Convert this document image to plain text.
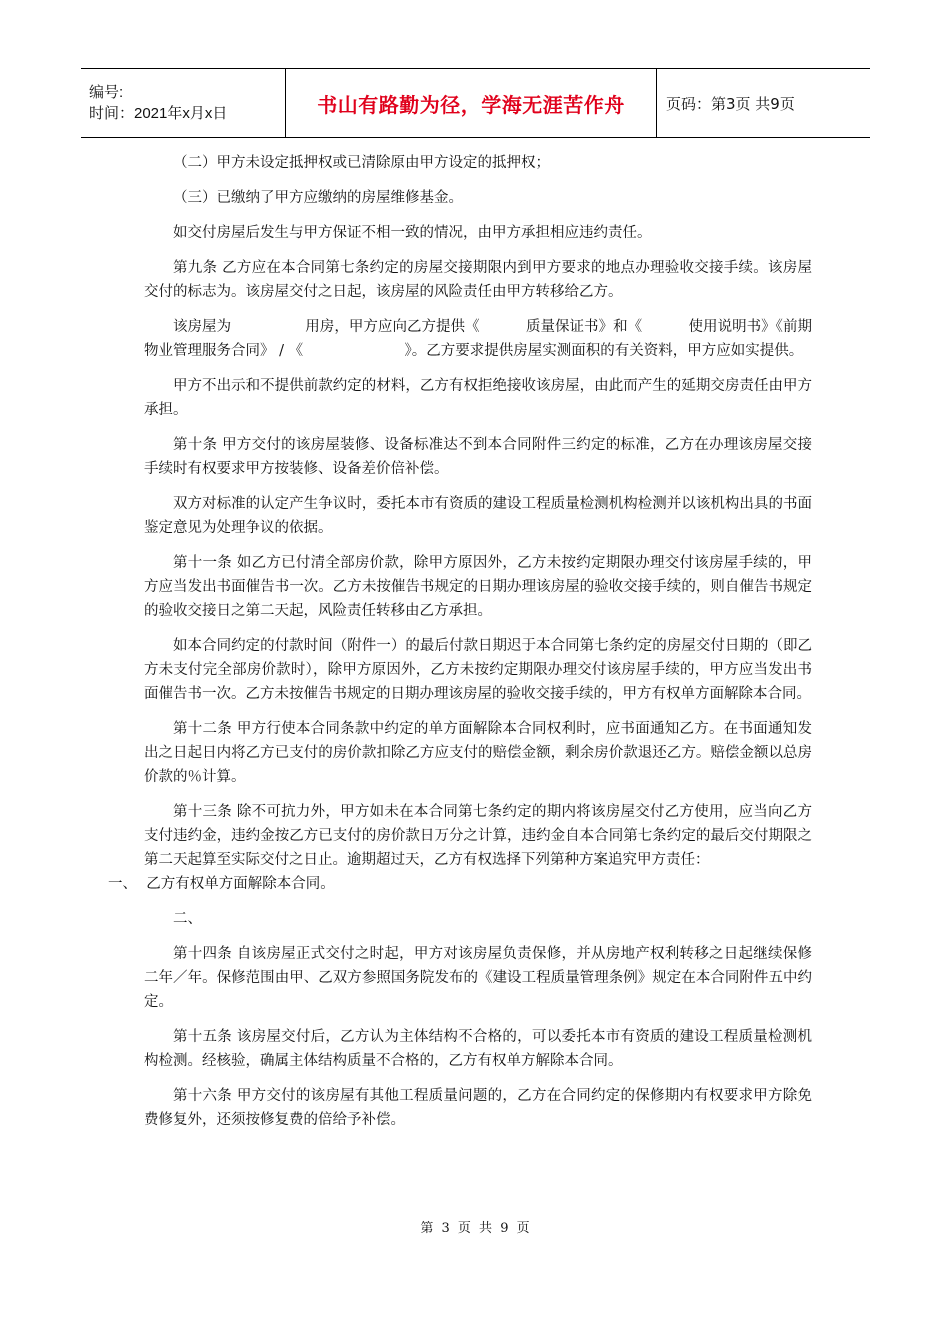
编号:
时间：2021年x月x日	书山有路勤为径，学海无涯苦作舟	页码：第3页 共9页

（二）甲方未设定抵押权或已清除原由甲方设定的抵押权；

（三）已缴纳了甲方应缴纳的房屋维修基金。

如交付房屋后发生与甲方保证不相一致的情况，由甲方承担相应违约责任。

第九条 乙方应在本合同第七条约定的房屋交接期限内到甲方要求的地点办理验收交接手续。该房屋交付的标志为。该房屋交付之日起，该房屋的风险责任由甲方转移给乙方。

该房屋为                用房，甲方应向乙方提供《          质量保证书》和《          使用说明书》《前期物业管理服务合同》 / 《                      》。乙方要求提供房屋实测面积的有关资料，甲方应如实提供。

甲方不出示和不提供前款约定的材料，乙方有权拒绝接收该房屋，由此而产生的延期交房责任由甲方承担。

第十条 甲方交付的该房屋装修、设备标准达不到本合同附件三约定的标准，乙方在办理该房屋交接手续时有权要求甲方按装修、设备差价倍补偿。

双方对标准的认定产生争议时，委托本市有资质的建设工程质量检测机构检测并以该机构出具的书面鉴定意见为处理争议的依据。

第十一条 如乙方已付清全部房价款，除甲方原因外，乙方未按约定期限办理交付该房屋手续的，甲方应当发出书面催告书一次。乙方未按催告书规定的日期办理该房屋的验收交接手续的，则自催告书规定的验收交接日之第二天起，风险责任转移由乙方承担。

如本合同约定的付款时间（附件一）的最后付款日期迟于本合同第七条约定的房屋交付日期的（即乙方未支付完全部房价款时），除甲方原因外，乙方未按约定期限办理交付该房屋手续的，甲方应当发出书面催告书一次。乙方未按催告书规定的日期办理该房屋的验收交接手续的，甲方有权单方面解除本合同。

第十二条 甲方行使本合同条款中约定的单方面解除本合同权利时，应书面通知乙方。在书面通知发出之日起日内将乙方已支付的房价款扣除乙方应支付的赔偿金额，剩余房价款退还乙方。赔偿金额以总房价款的％计算。

第十三条 除不可抗力外，甲方如未在本合同第七条约定的期内将该房屋交付乙方使用，应当向乙方支付违约金，违约金按乙方已支付的房价款日万分之计算，违约金自本合同第七条约定的最后交付期限之第二天起算至实际交付之日止。逾期超过天，乙方有权选择下列第种方案追究甲方责任：

一、  乙方有权单方面解除本合同。

二、

第十四条 自该房屋正式交付之时起，甲方对该房屋负责保修，并从房地产权利转移之日起继续保修二年／年。保修范围由甲、乙双方参照国务院发布的《建设工程质量管理条例》规定在本合同附件五中约定。

第十五条 该房屋交付后，乙方认为主体结构不合格的，可以委托本市有资质的建设工程质量检测机构检测。经核验，确属主体结构质量不合格的，乙方有权单方解除本合同。

第十六条 甲方交付的该房屋有其他工程质量问题的，乙方在合同约定的保修期内有权要求甲方除免费修复外，还须按修复费的倍给予补偿。

第 3 页 共 9 页
